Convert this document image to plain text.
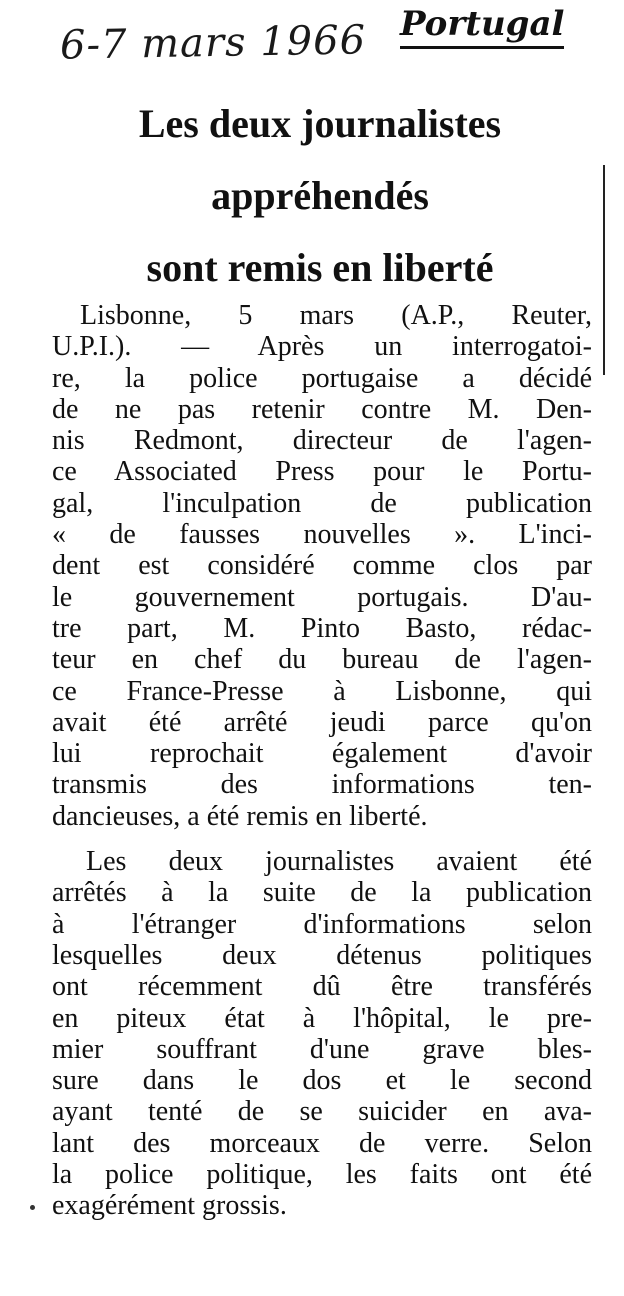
6-7 mars 1966 Portugal
Les deux journalistes
appréhendés
sont remis en liberté

Lisbonne, 5 mars (A.P., Reuter,
U.P.I.). — Après un interrogatoi-
re, la police portugaise a décidé
de ne pas retenir contre M. Den-
nis Redmont, directeur de l'agen-
ce Associated Press pour le Portu-
gal, l'inculpation de publication
« de fausses nouvelles ». L'inci-
dent est considéré comme clos par
le gouvernement portugais. D'au-
tre part, M. Pinto Basto, rédac-
teur en chef du bureau de l'agen-
ce France-Presse à Lisbonne, qui
avait été arrêté jeudi parce qu'on
lui reprochait également d'avoir
transmis des informations ten-
dancieuses, a été remis en liberté.

Les deux journalistes avaient été
arrêtés à la suite de la publication
à l'étranger d'informations selon
lesquelles deux détenus politiques
ont récemment dû être transférés
en piteux état à l'hôpital, le pre-
mier souffrant d'une grave bles-
sure dans le dos et le second
ayant tenté de se suicider en ava-
lant des morceaux de verre. Selon
la police politique, les faits ont été
exagérément grossis.
